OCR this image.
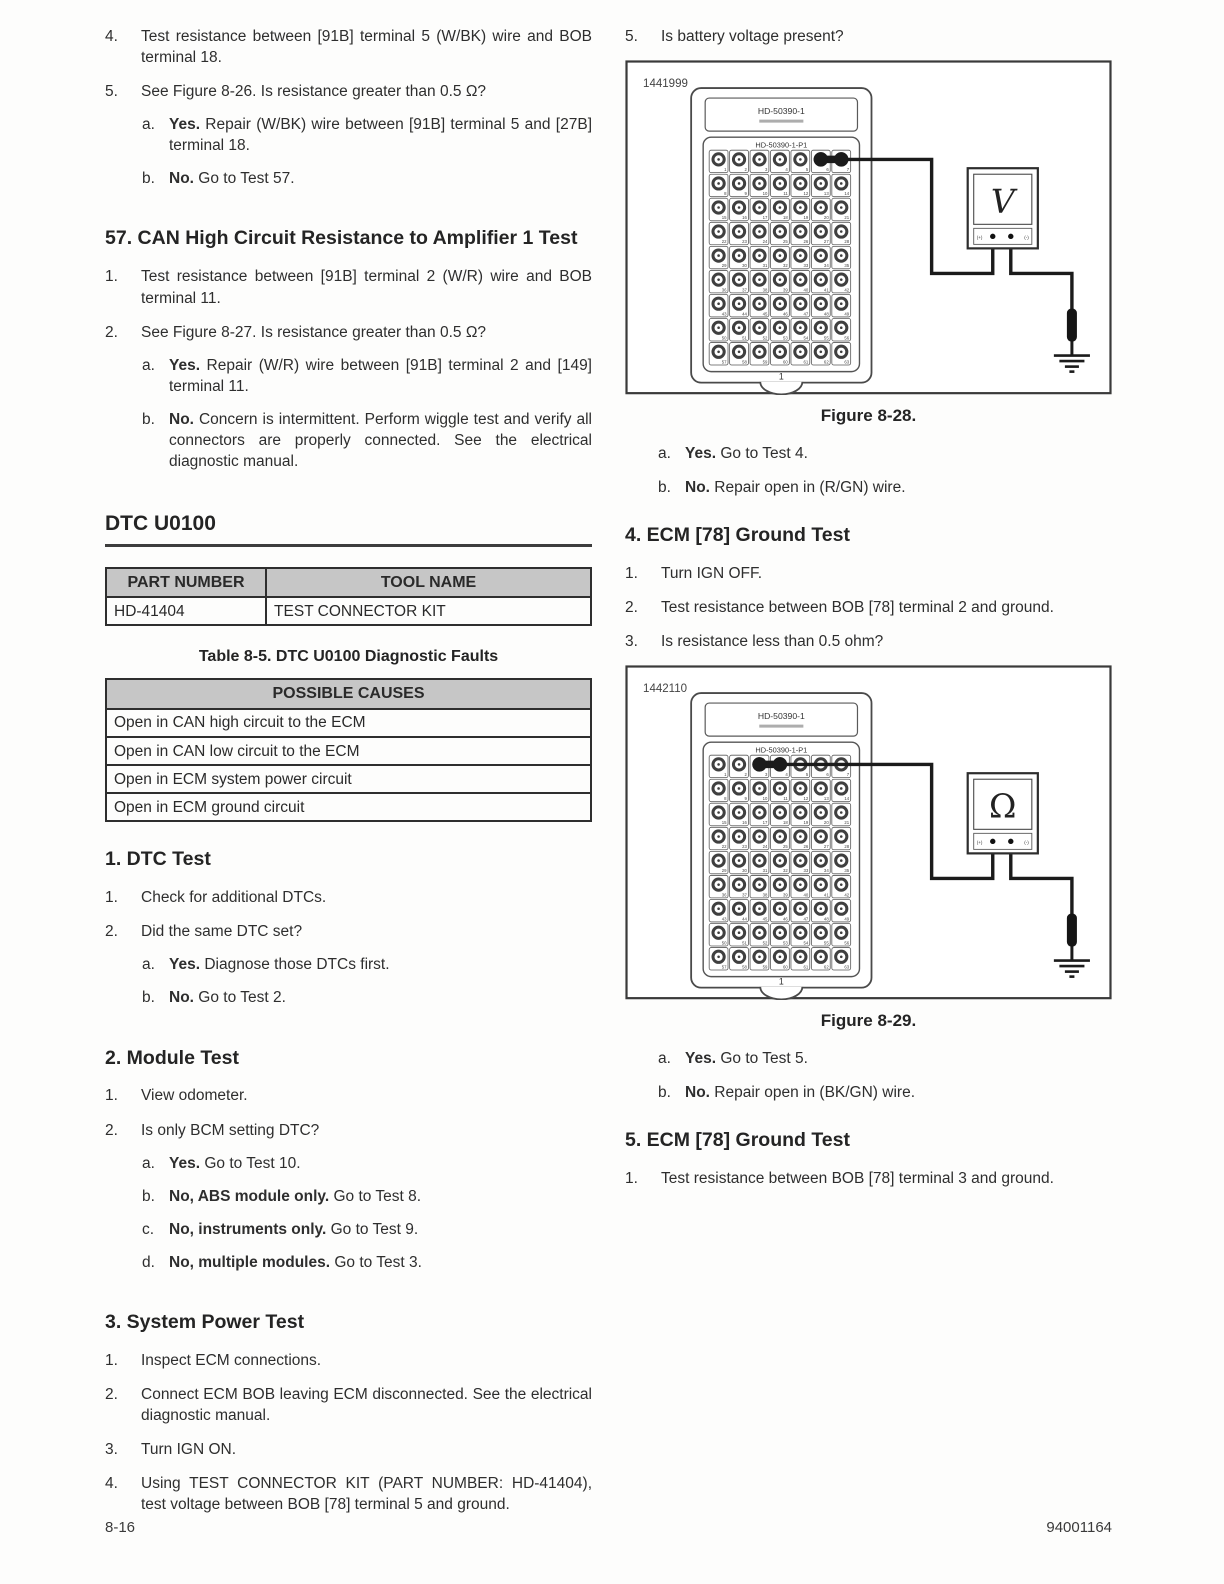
4.	Test resistance between [91B] terminal 5 (W/BK) wire and BOB terminal 18.
5.	See Figure 8-26. Is resistance greater than 0.5 Ω?
a. Yes. Repair (W/BK) wire between [91B] terminal 5 and [27B] terminal 18.
b. No. Go to Test 57.
57. CAN High Circuit Resistance to Amplifier 1 Test
1.	Test resistance between [91B] terminal 2 (W/R) wire and BOB terminal 11.
2.	See Figure 8-27. Is resistance greater than 0.5 Ω?
a. Yes. Repair (W/R) wire between [91B] terminal 2 and [149] terminal 11.
b. No. Concern is intermittent. Perform wiggle test and verify all connectors are properly connected. See the electrical diagnostic manual.
DTC U0100
PART NUMBER	TOOL NAME
HD-41404	TEST CONNECTOR KIT
Table 8-5. DTC U0100 Diagnostic Faults
POSSIBLE CAUSES
Open in CAN high circuit to the ECM
Open in CAN low circuit to the ECM
Open in ECM system power circuit
Open in ECM ground circuit
1. DTC Test
1.	Check for additional DTCs.
2.	Did the same DTC set?
a. Yes. Diagnose those DTCs first.
b. No. Go to Test 2.
2. Module Test
1.	View odometer.
2.	Is only BCM setting DTC?
a. Yes. Go to Test 10.
b. No, ABS module only. Go to Test 8.
c. No, instruments only. Go to Test 9.
d. No, multiple modules. Go to Test 3.
3. System Power Test
1.	Inspect ECM connections.
2.	Connect ECM BOB leaving ECM disconnected. See the electrical diagnostic manual.
3.	Turn IGN ON.
4.	Using TEST CONNECTOR KIT (PART NUMBER: HD-41404), test voltage between BOB [78] terminal 5 and ground.
5.	Is battery voltage present?
1441999
HD-50390-1
HD-50390-1-P1
1	2	3	4	5	6	7
8	9	10	11	12	13	14
15	16	17	18	19	20	21
22	23	24	25	26	27	28
29	30	31	32	33	34	35
36	37	38	39	40	41	42
43	44	45	46	47	48	49
50	51	52	53	54	55	56
57	58	59	60	61	62	63
1
V
(+)	(-)
Figure 8-28.
a. Yes. Go to Test 4.
b. No. Repair open in (R/GN) wire.
4. ECM [78] Ground Test
1.	Turn IGN OFF.
2.	Test resistance between BOB [78] terminal 2 and ground.
3.	Is resistance less than 0.5 ohm?
1442110
HD-50390-1
HD-50390-1-P1
1	2	3	4	5	6	7
8	9	10	11	12	13	14
15	16	17	18	19	20	21
22	23	24	25	26	27	28
29	30	31	32	33	34	35
36	37	38	39	40	41	42
43	44	45	46	47	48	49
50	51	52	53	54	55	56
57	58	59	60	61	62	63
1
Ω
(+)	(-)
Figure 8-29.
a. Yes. Go to Test 5.
b. No. Repair open in (BK/GN) wire.
5. ECM [78] Ground Test
1.	Test resistance between BOB [78] terminal 3 and ground.
8-16	94001164
